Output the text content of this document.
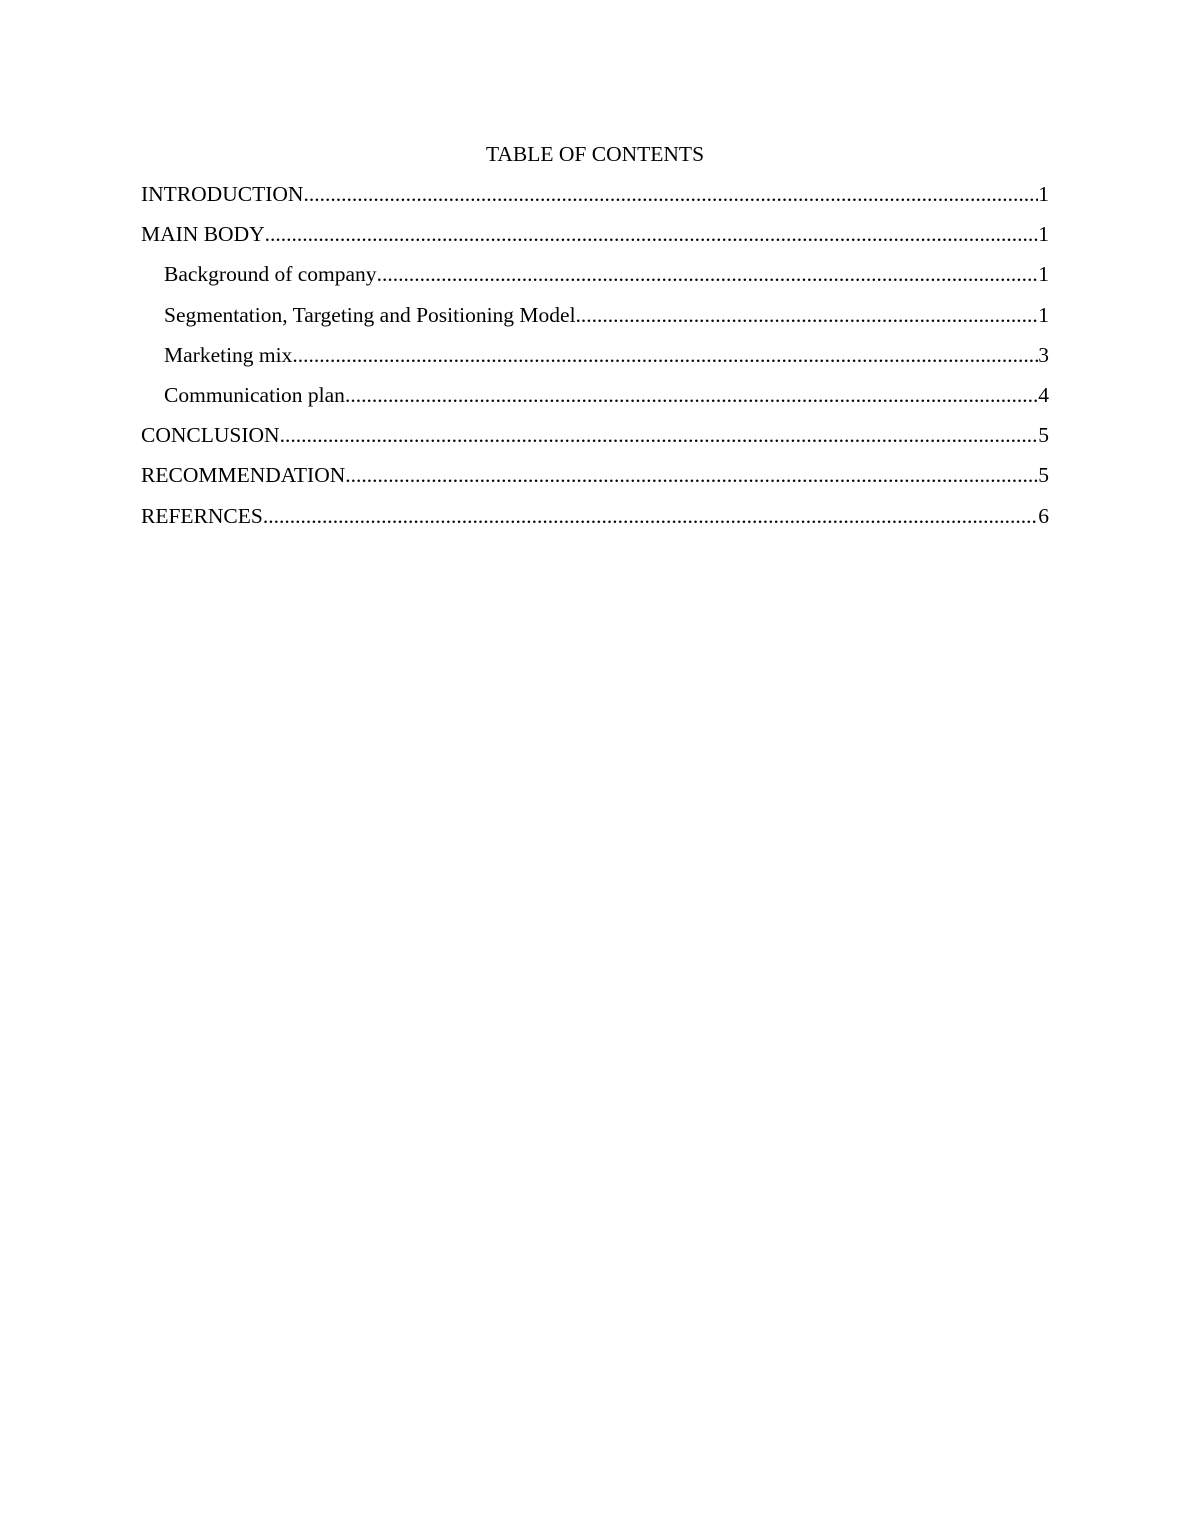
TABLE OF CONTENTS
INTRODUCTION .....	1
MAIN BODY .....	1
Background of company .....	1
Segmentation, Targeting and Positioning Model .....	1
Marketing mix .....	3
Communication plan .....	4
CONCLUSION .....	5
RECOMMENDATION .....	5
REFERNCES .....	6
